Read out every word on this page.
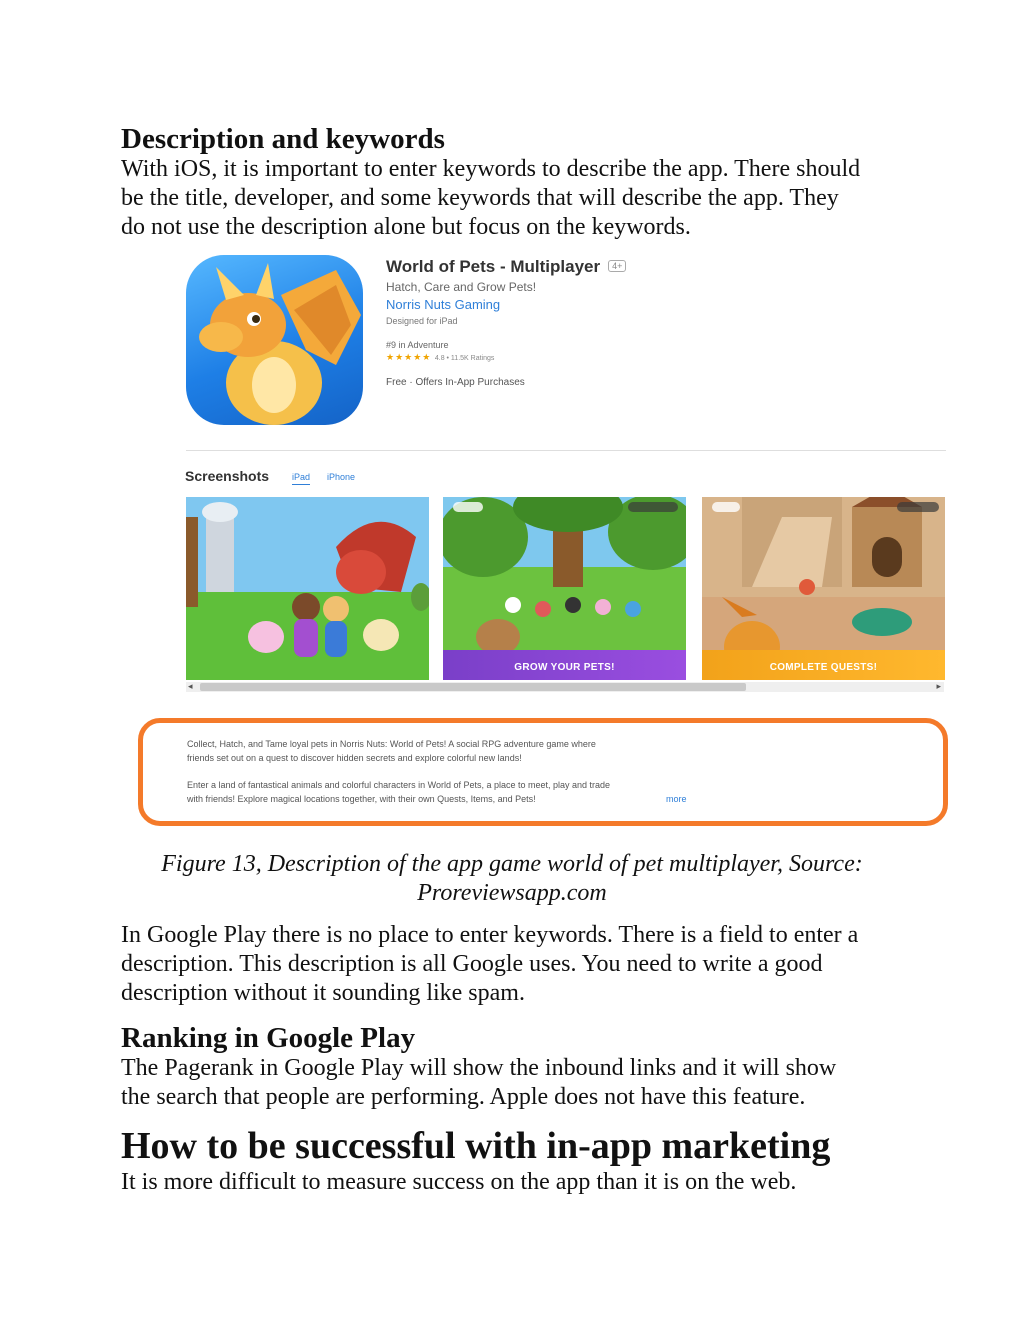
Description and keywords
With iOS, it is important to enter keywords to describe the app. There should
be the title, developer, and some keywords that will describe the app. They
do not use the description alone but focus on the keywords.
World of Pets - Multiplayer 4+
Hatch, Care and Grow Pets!
Norris Nuts Gaming
Designed for iPad
#9 in Adventure
★★★★★ 4.8 • 11.5K Ratings
Free · Offers In-App Purchases
Screenshots	iPad iPhone
GROW YOUR PETS!	COMPLETE QUESTS!
◂	▸
Collect, Hatch, and Tame loyal pets in Norris Nuts: World of Pets! A social RPG adventure game where
friends set out on a quest to discover hidden secrets and explore colorful new lands!
Enter a land of fantastical animals and colorful characters in World of Pets, a place to meet, play and trade
with friends! Explore magical locations together, with their own Quests, Items, and Pets!	more
Figure 13, Description of the app game world of pet multiplayer, Source:
Proreviewsapp.com
In Google Play there is no place to enter keywords. There is a field to enter a
description. This description is all Google uses. You need to write a good
description without it sounding like spam.
Ranking in Google Play
The Pagerank in Google Play will show the inbound links and it will show
the search that people are performing. Apple does not have this feature.
How to be successful with in-app marketing
It is more difficult to measure success on the app than it is on the web.
